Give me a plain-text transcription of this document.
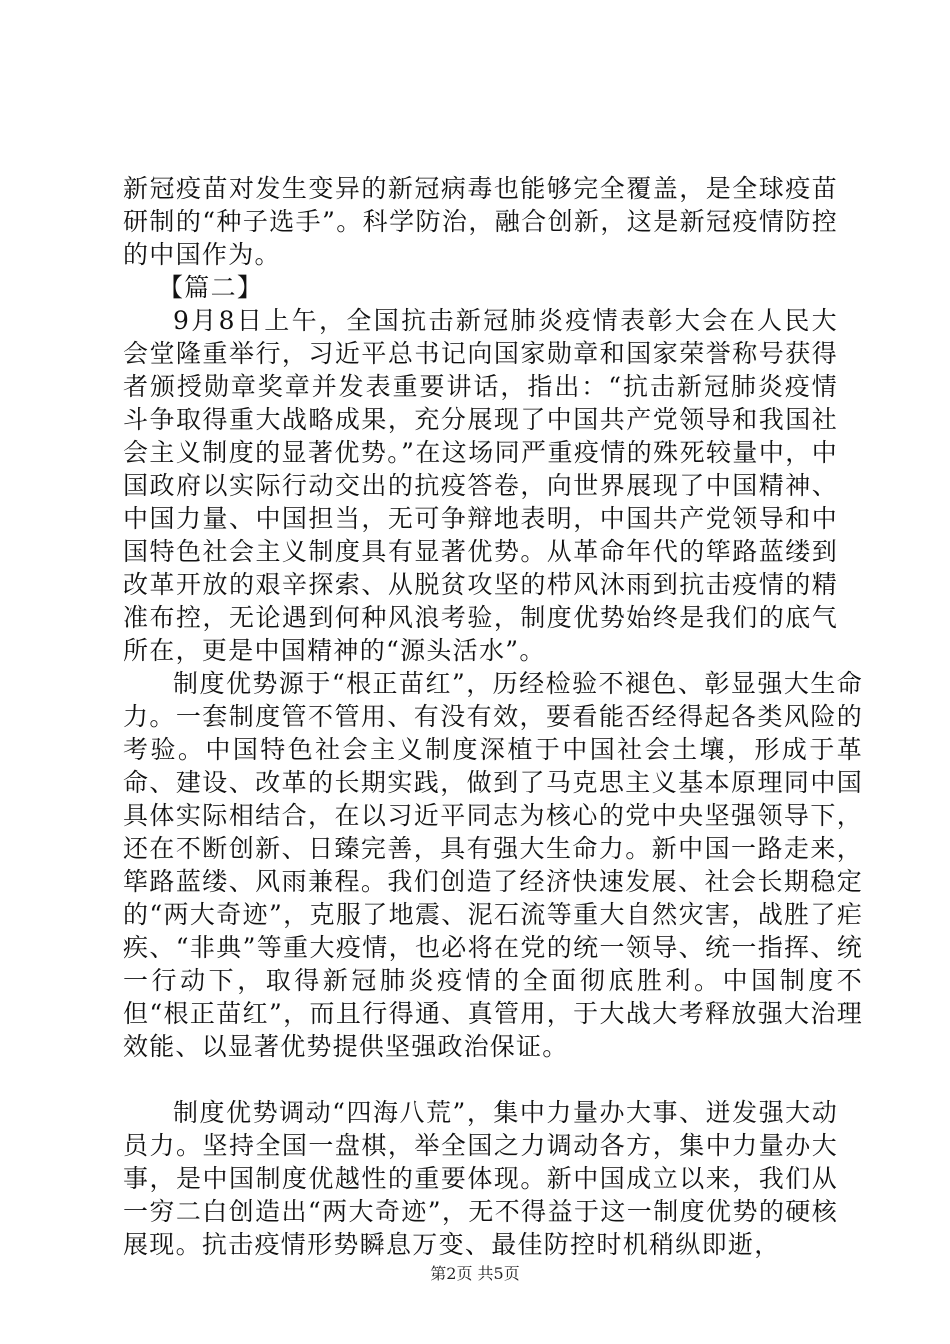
新冠疫苗对发生变异的新冠病毒也能够完全覆盖，是全球疫苗研制的“种子选手”。科学防治，融合创新，这是新冠疫情防控的中国作为。

【篇二】

9月8日上午，全国抗击新冠肺炎疫情表彰大会在人民大会堂隆重举行，习近平总书记向国家勋章和国家荣誉称号获得者颁授勋章奖章并发表重要讲话，指出：“抗击新冠肺炎疫情斗争取得重大战略成果，充分展现了中国共产党领导和我国社会主义制度的显著优势。”在这场同严重疫情的殊死较量中，中国政府以实际行动交出的抗疫答卷，向世界展现了中国精神、中国力量、中国担当，无可争辩地表明，中国共产党领导和中国特色社会主义制度具有显著优势。从革命年代的筚路蓝缕到改革开放的艰辛探索、从脱贫攻坚的栉风沐雨到抗击疫情的精准布控，无论遇到何种风浪考验，制度优势始终是我们的底气所在，更是中国精神的“源头活水”。

制度优势源于“根正苗红”，历经检验不褪色、彰显强大生命力。一套制度管不管用、有没有效，要看能否经得起各类风险的考验。中国特色社会主义制度深植于中国社会土壤，形成于革命、建设、改革的长期实践，做到了马克思主义基本原理同中国具体实际相结合，在以习近平同志为核心的党中央坚强领导下，还在不断创新、日臻完善，具有强大生命力。新中国一路走来，筚路蓝缕、风雨兼程。我们创造了经济快速发展、社会长期稳定的“两大奇迹”，克服了地震、泥石流等重大自然灾害，战胜了疟疾、“非典”等重大疫情，也必将在党的统一领导、统一指挥、统一行动下，取得新冠肺炎疫情的全面彻底胜利。中国制度不但“根正苗红”，而且行得通、真管用，于大战大考释放强大治理效能、以显著优势提供坚强政治保证。

制度优势调动“四海八荒”，集中力量办大事、迸发强大动员力。坚持全国一盘棋，举全国之力调动各方，集中力量办大事，是中国制度优越性的重要体现。新中国成立以来，我们从一穷二白创造出“两大奇迹”，无不得益于这一制度优势的硬核展现。抗击疫情形势瞬息万变、最佳防控时机稍纵即逝，

第2页 共5页
